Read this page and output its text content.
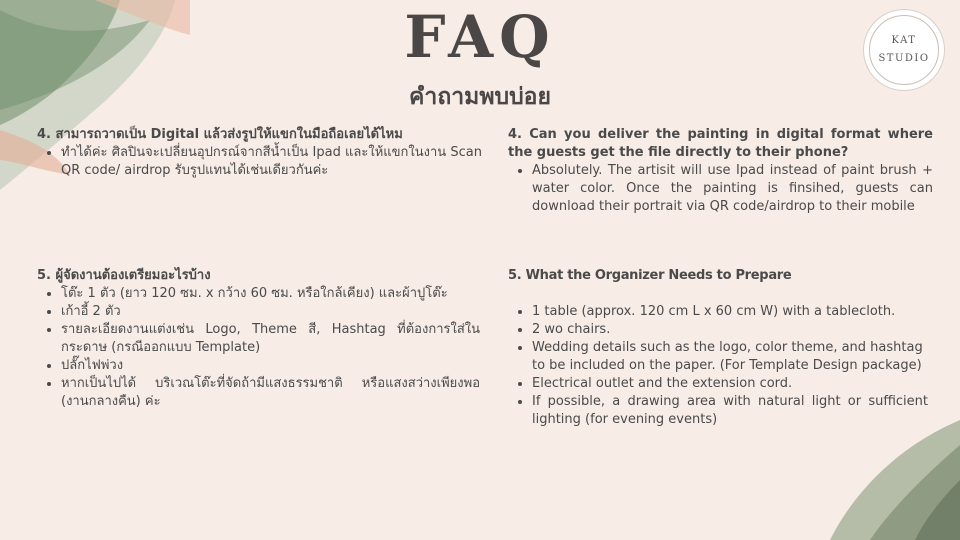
FAQ
คำถามพบบ่อย
KAT
STUDIO
4. สามารถวาดเป็น Digital แล้วส่งรูปให้แขกในมือถือเลยได้ไหม
• ทำได้ค่ะ ศิลปินจะเปลี่ยนอุปกรณ์จากสีน้ำเป็น Ipad และให้แขกในงาน Scan QR code/ airdrop รับรูปแทนได้เช่นเดียวกันค่ะ
4. Can you deliver the painting in digital format where the guests get the file directly to their phone?
• Absolutely. The artisit will use Ipad instead of paint brush + water color. Once the painting is finsihed, guests can download their portrait via QR code/airdrop to their mobile
5. ผู้จัดงานต้องเตรียมอะไรบ้าง
• โต๊ะ 1 ตัว (ยาว 120 ซม. x กว้าง 60 ซม. หรือใกล้เคียง) และผ้าปูโต๊ะ
• เก้าอี้ 2 ตัว
• รายละเอียดงานแต่งเช่น Logo, Theme สี, Hashtag ที่ต้องการใส่ใน กระดาษ (กรณีออกแบบ Template)
• ปลั๊กไฟพ่วง
• หากเป็นไปได้ บริเวณโต๊ะที่จัดถ้ามีแสงธรรมชาติ หรือแสงสว่างเพียงพอ (งานกลางคืน) ค่ะ
5. What the Organizer Needs to Prepare
• 1 table (approx. 120 cm L x 60 cm W) with a tablecloth.
• 2 wo chairs.
• Wedding details such as the logo, color theme, and hashtag to be included on the paper. (For Template Design package)
• Electrical outlet and the extension cord.
• If possible, a drawing area with natural light or sufficient lighting (for evening events)
